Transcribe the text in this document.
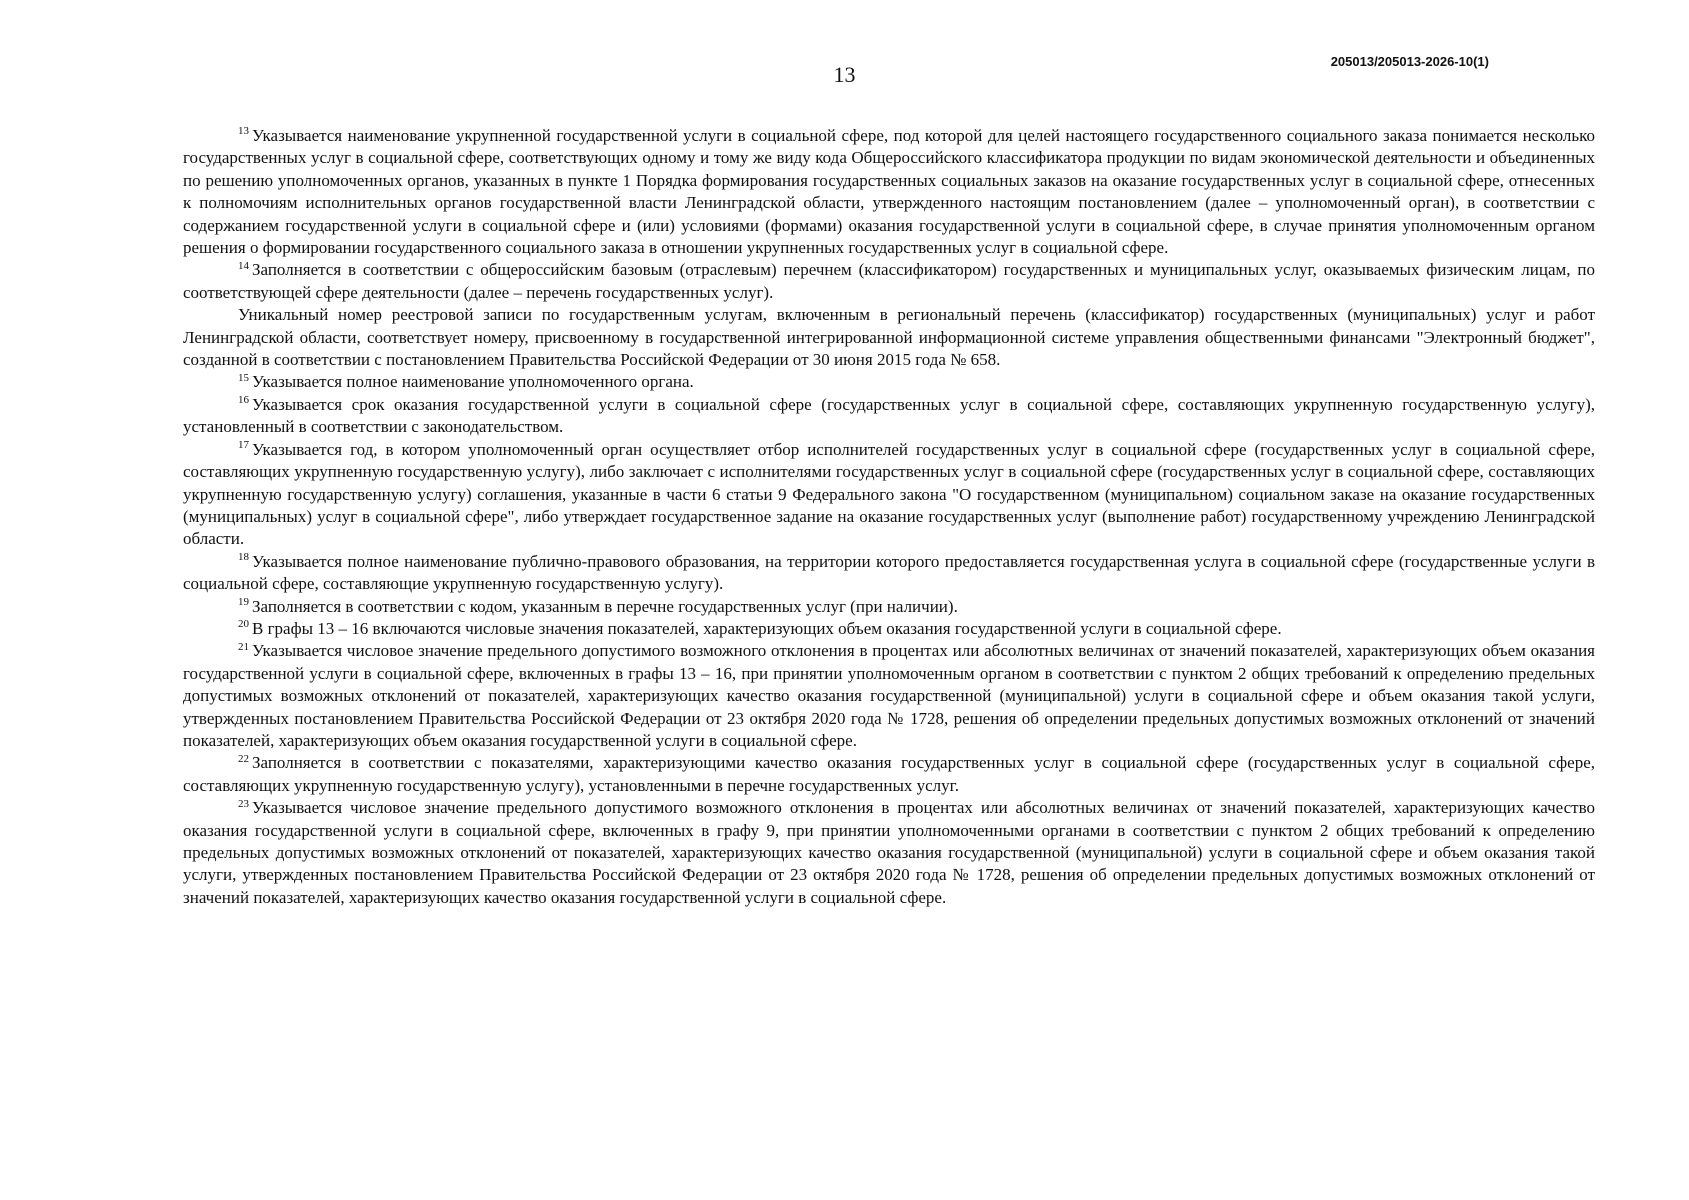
13
205013/205013-2026-10(1)

$^{13}$ Указывается наименование укрупненной государственной услуги в социальной сфере, под которой для целей настоящего государственного социального заказа понимается несколько государственных услуг в социальной сфере, соответствующих одному и тому же виду кода Общероссийского классификатора продукции по видам экономической деятельности и объединенных по решению уполномоченных органов, указанных в пункте 1 Порядка формирования государственных социальных заказов на оказание государственных услуг в социальной сфере, отнесенных к полномочиям исполнительных органов государственной власти Ленинградской области, утвержденного настоящим постановлением (далее – уполномоченный орган), в соответствии с содержанием государственной услуги в социальной сфере и (или) условиями (формами) оказания государственной услуги в социальной сфере, в случае принятия уполномоченным органом решения о формировании государственного социального заказа в отношении укрупненных государственных услуг в социальной сфере.

$^{14}$ Заполняется в соответствии с общероссийским базовым (отраслевым) перечнем (классификатором) государственных и муниципальных услуг, оказываемых физическим лицам, по соответствующей сфере деятельности (далее – перечень государственных услуг).

Уникальный номер реестровой записи по государственным услугам, включенным в региональный перечень (классификатор) государственных (муниципальных) услуг и работ Ленинградской области, соответствует номеру, присвоенному в государственной интегрированной информационной системе управления общественными финансами "Электронный бюджет", созданной в соответствии с постановлением Правительства Российской Федерации от 30 июня 2015 года № 658.

$^{15}$ Указывается полное наименование уполномоченного органа.

$^{16}$ Указывается срок оказания государственной услуги в социальной сфере (государственных услуг в социальной сфере, составляющих укрупненную государственную услугу), установленный в соответствии с законодательством.

$^{17}$ Указывается год, в котором уполномоченный орган осуществляет отбор исполнителей государственных услуг в социальной сфере (государственных услуг в социальной сфере, составляющих укрупненную государственную услугу), либо заключает с исполнителями государственных услуг в социальной сфере (государственных услуг в социальной сфере, составляющих укрупненную государственную услугу) соглашения, указанные в части 6 статьи 9 Федерального закона "О государственном (муниципальном) социальном заказе на оказание государственных (муниципальных) услуг в социальной сфере", либо утверждает государственное задание на оказание государственных услуг (выполнение работ) государственному учреждению Ленинградской области.

$^{18}$ Указывается полное наименование публично-правового образования, на территории которого предоставляется государственная услуга в социальной сфере (государственные услуги в социальной сфере, составляющие укрупненную государственную услугу).

$^{19}$ Заполняется в соответствии с кодом, указанным в перечне государственных услуг (при наличии).

$^{20}$ В графы 13 – 16 включаются числовые значения показателей, характеризующих объем оказания государственной услуги в социальной сфере.

$^{21}$ Указывается числовое значение предельного допустимого возможного отклонения в процентах или абсолютных величинах от значений показателей, характеризующих объем оказания государственной услуги в социальной сфере, включенных в графы 13 – 16, при принятии уполномоченным органом в соответствии с пунктом 2 общих требований к определению предельных допустимых возможных отклонений от показателей, характеризующих качество оказания государственной (муниципальной) услуги в социальной сфере и объем оказания такой услуги, утвержденных постановлением Правительства Российской Федерации от 23 октября 2020 года № 1728, решения об определении предельных допустимых возможных отклонений от значений показателей, характеризующих объем оказания государственной услуги в социальной сфере.

$^{22}$ Заполняется в соответствии с показателями, характеризующими качество оказания государственных услуг в социальной сфере (государственных услуг в социальной сфере, составляющих укрупненную государственную услугу), установленными в перечне государственных услуг.

$^{23}$ Указывается числовое значение предельного допустимого возможного отклонения в процентах или абсолютных величинах от значений показателей, характеризующих качество оказания государственной услуги в социальной сфере, включенных в графу 9, при принятии уполномоченными органами в соответствии с пунктом 2 общих требований к определению предельных допустимых возможных отклонений от показателей, характеризующих качество оказания государственной (муниципальной) услуги в социальной сфере и объем оказания такой услуги, утвержденных постановлением Правительства Российской Федерации от 23 октября 2020 года № 1728, решения об определении предельных допустимых возможных отклонений от значений показателей, характеризующих качество оказания государственной услуги в социальной сфере.
